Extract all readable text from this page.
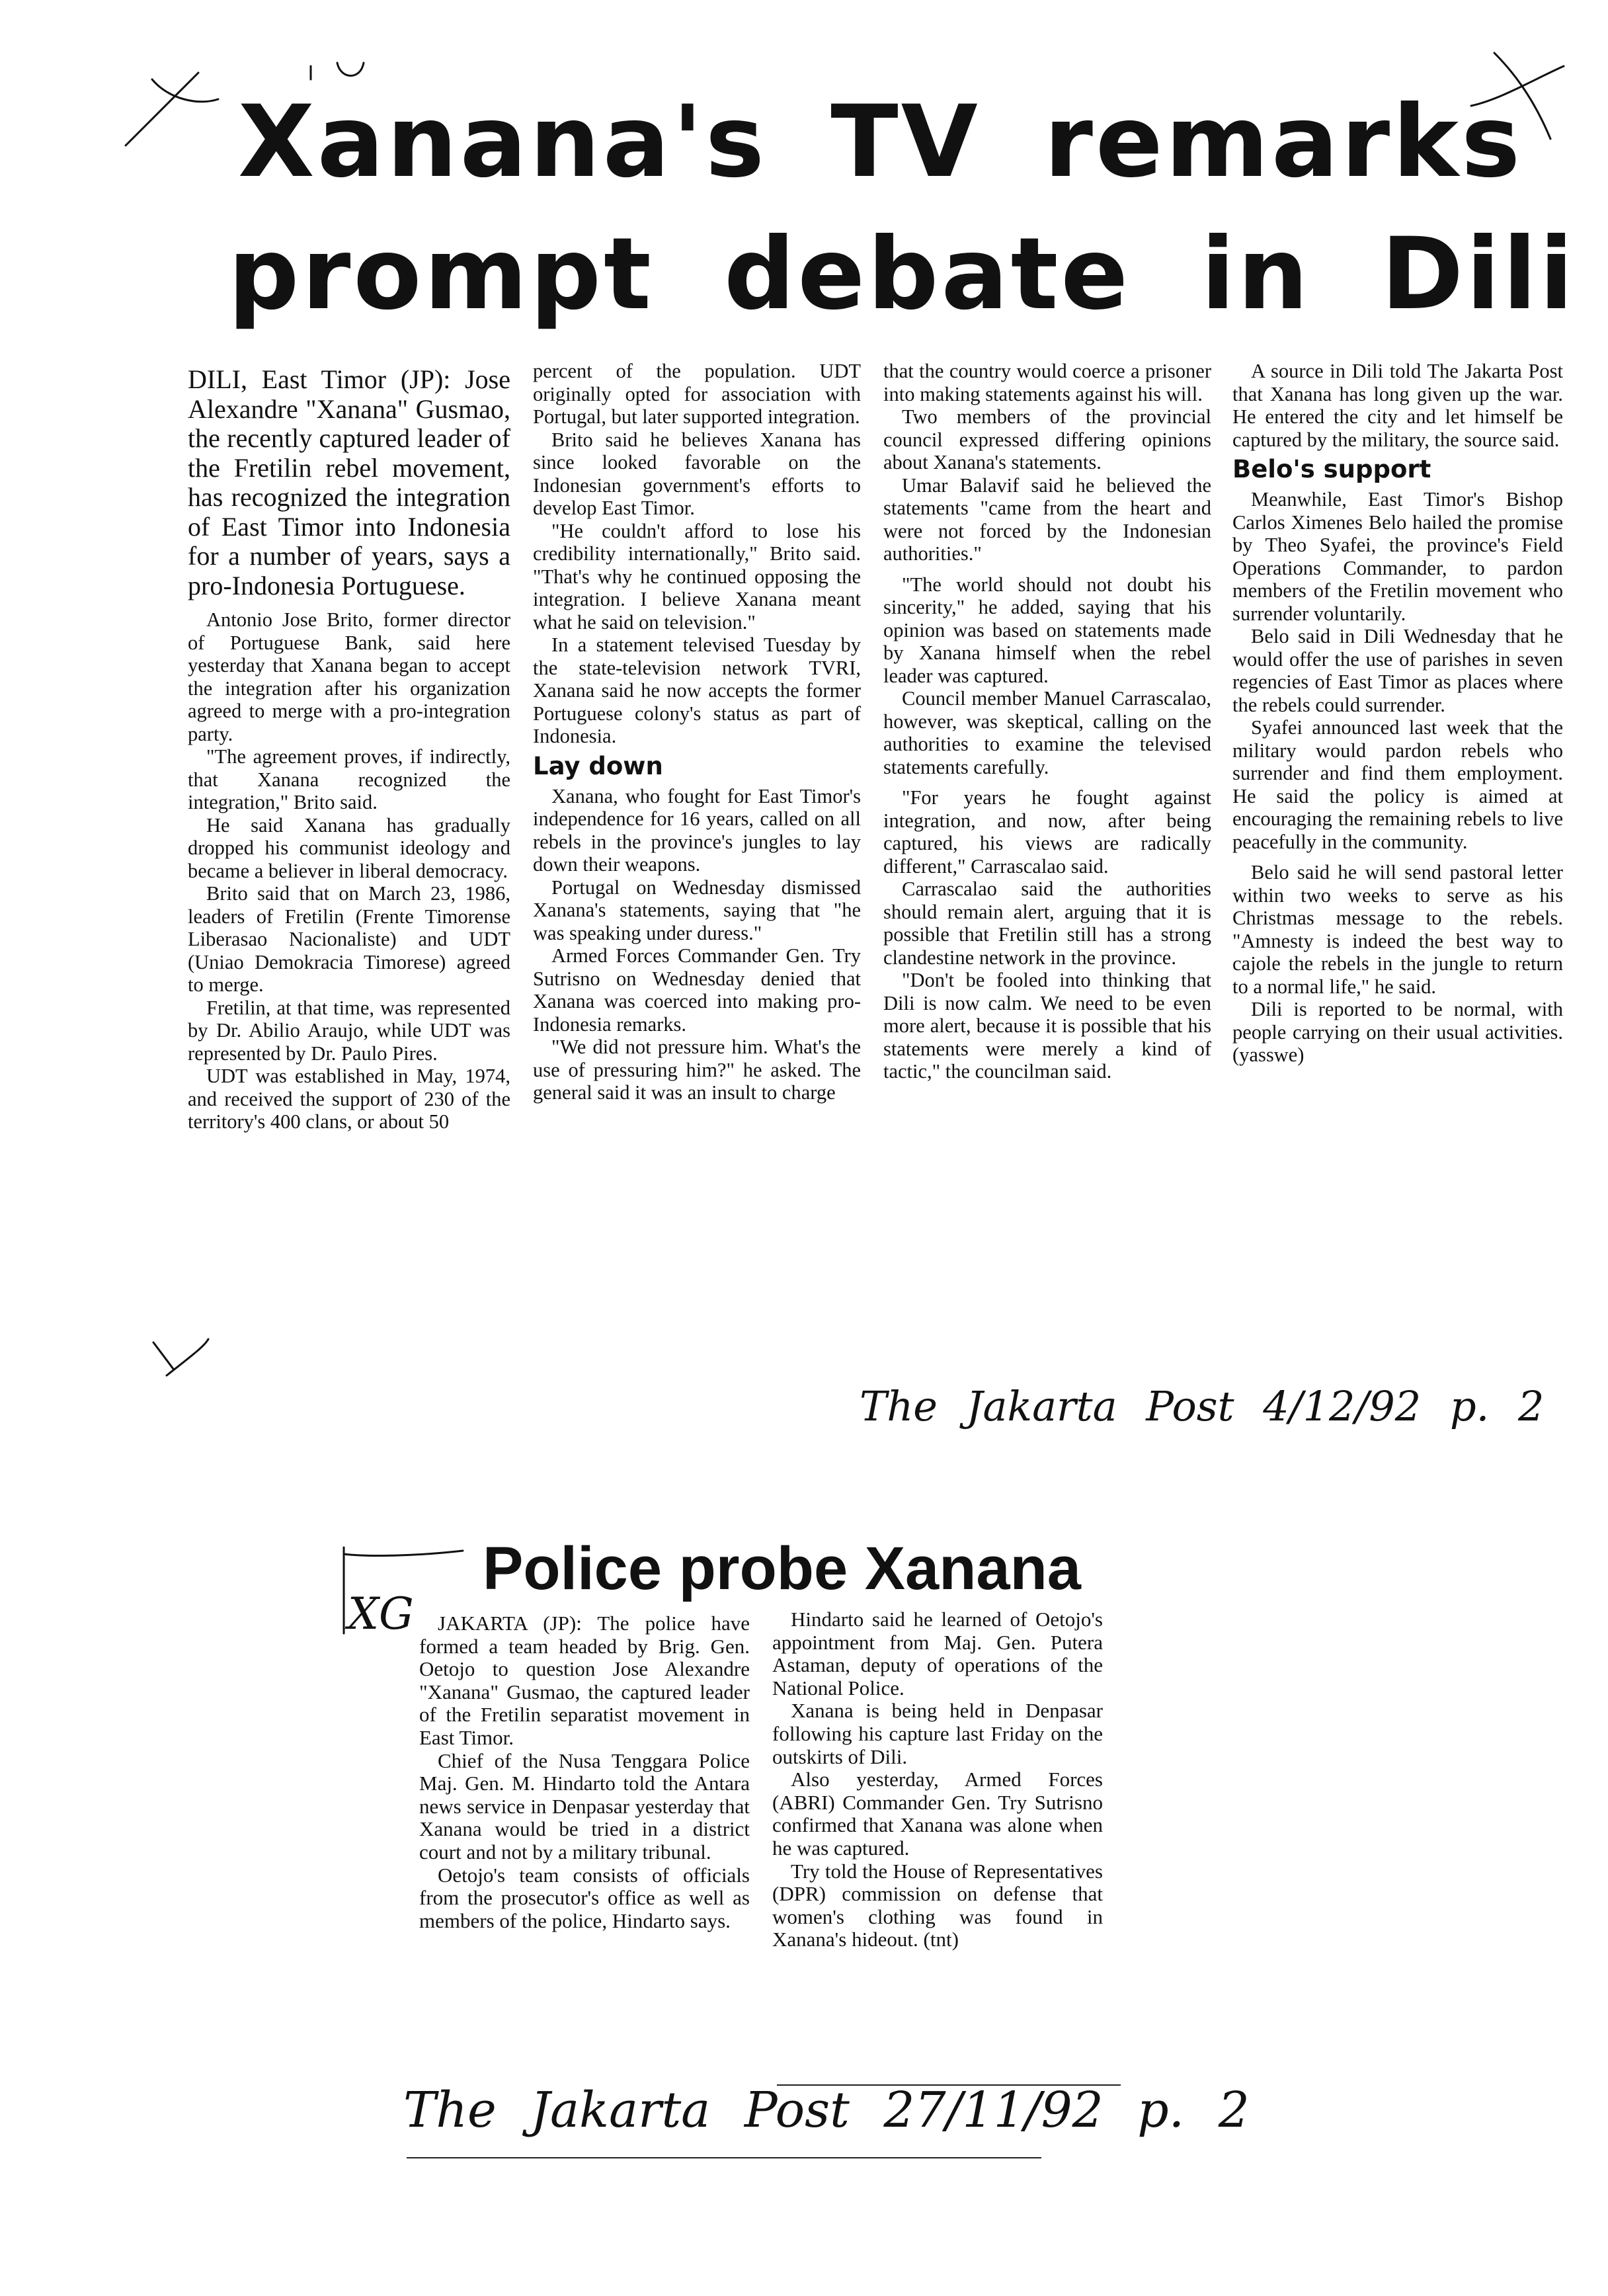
Xanana's TV remarks
prompt debate in Dili

DILI, East Timor (JP): Jose Alexandre "Xanana" Gusmao, the recently captured leader of the Fretilin rebel movement, has recognized the integration of East Timor into Indonesia for a number of years, says a pro-Indonesia Portuguese.

Antonio Jose Brito, former director of Portuguese Bank, said here yesterday that Xanana began to accept the integration after his organization agreed to merge with a pro-integration party.

"The agreement proves, if indirectly, that Xanana recognized the integration," Brito said.

He said Xanana has gradually dropped his communist ideology and became a believer in liberal democracy.

Brito said that on March 23, 1986, leaders of Fretilin (Frente Timorense Liberasao Nacionaliste) and UDT (Uniao Demokracia Timorese) agreed to merge.

Fretilin, at that time, was represented by Dr. Abilio Araujo, while UDT was represented by Dr. Paulo Pires.

UDT was established in May, 1974, and received the support of 230 of the territory's 400 clans, or about 50

percent of the population. UDT originally opted for association with Portugal, but later supported integration.

Brito said he believes Xanana has since looked favorable on the Indonesian government's efforts to develop East Timor.

"He couldn't afford to lose his credibility internationally," Brito said. "That's why he continued opposing the integration. I believe Xanana meant what he said on television."

In a statement televised Tuesday by the state-television network TVRI, Xanana said he now accepts the former Portuguese colony's status as part of Indonesia.

Lay down

Xanana, who fought for East Timor's independence for 16 years, called on all rebels in the province's jungles to lay down their weapons.

Portugal on Wednesday dismissed Xanana's statements, saying that "he was speaking under duress."

Armed Forces Commander Gen. Try Sutrisno on Wednesday denied that Xanana was coerced into making pro-Indonesia remarks.

"We did not pressure him. What's the use of pressuring him?" he asked. The general said it was an insult to charge

that the country would coerce a prisoner into making statements against his will.

Two members of the provincial council expressed differing opinions about Xanana's statements.

Umar Balavif said he believed the statements "came from the heart and were not forced by the Indonesian authorities."

"The world should not doubt his sincerity," he added, saying that his opinion was based on statements made by Xanana himself when the rebel leader was captured.

Council member Manuel Carrascalao, however, was skeptical, calling on the authorities to examine the televised statements carefully.

"For years he fought against integration, and now, after being captured, his views are radically different," Carrascalao said.

Carrascalao said the authorities should remain alert, arguing that it is possible that Fretilin still has a strong clandestine network in the province.

"Don't be fooled into thinking that Dili is now calm. We need to be even more alert, because it is possible that his statements were merely a kind of tactic," the councilman said.

A source in Dili told The Jakarta Post that Xanana has long given up the war. He entered the city and let himself be captured by the military, the source said.

Belo's support

Meanwhile, East Timor's Bishop Carlos Ximenes Belo hailed the promise by Theo Syafei, the province's Field Operations Commander, to pardon members of the Fretilin movement who surrender voluntarily.

Belo said in Dili Wednesday that he would offer the use of parishes in seven regencies of East Timor as places where the rebels could surrender.

Syafei announced last week that the military would pardon rebels who surrender and find them employment. He said the policy is aimed at encouraging the remaining rebels to live peacefully in the community.

Belo said he will send pastoral letter within two weeks to serve as his Christmas message to the rebels. "Amnesty is indeed the best way to cajole the rebels in the jungle to return to a normal life," he said.

Dili is reported to be normal, with people carrying on their usual activities. (yasswe)

The Jakarta Post 4/12/92 p. 2
XG
Police probe Xanana

JAKARTA (JP): The police have formed a team headed by Brig. Gen. Oetojo to question Jose Alexandre "Xanana" Gusmao, the captured leader of the Fretilin separatist movement in East Timor.

Chief of the Nusa Tenggara Police Maj. Gen. M. Hindarto told the Antara news service in Denpasar yesterday that Xanana would be tried in a district court and not by a military tribunal.

Oetojo's team consists of officials from the prosecutor's office as well as members of the police, Hindarto says.

Hindarto said he learned of Oetojo's appointment from Maj. Gen. Putera Astaman, deputy of operations of the National Police.

Xanana is being held in Denpasar following his capture last Friday on the outskirts of Dili.

Also yesterday, Armed Forces (ABRI) Commander Gen. Try Sutrisno confirmed that Xanana was alone when he was captured.

Try told the House of Representatives (DPR) commission on defense that women's clothing was found in Xanana's hideout. (tnt)

The Jakarta Post 27/11/92 p. 2
